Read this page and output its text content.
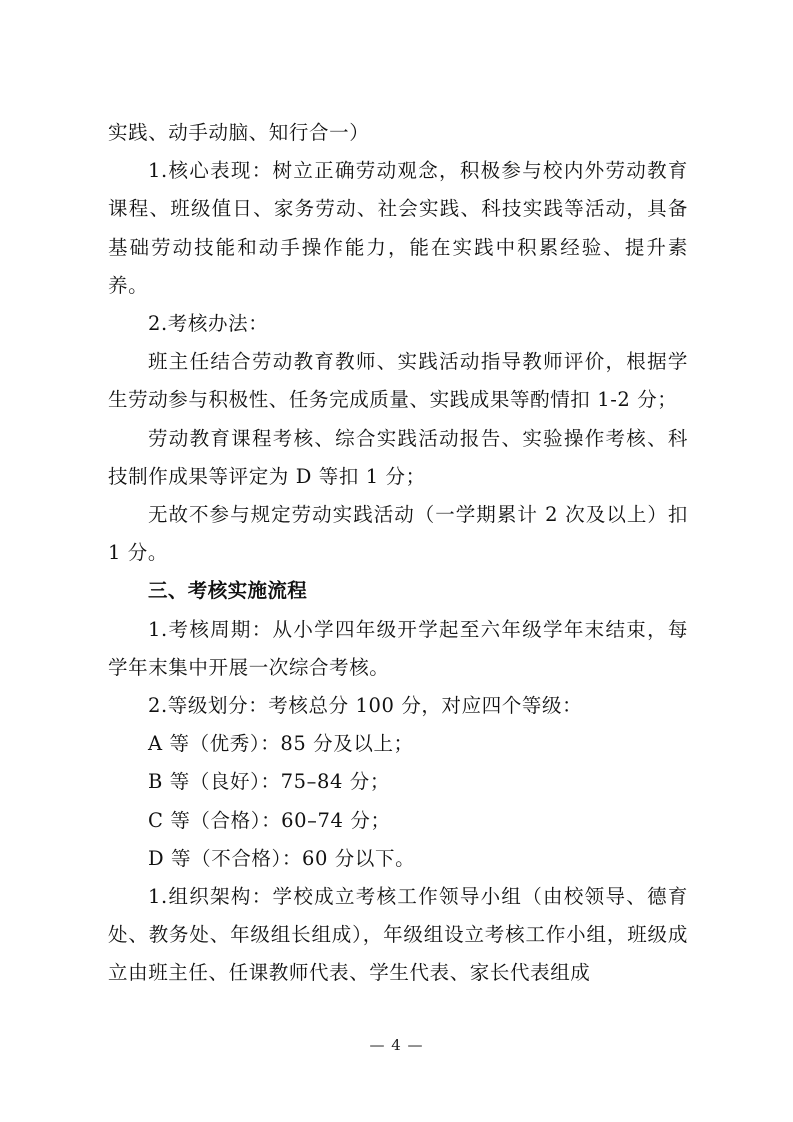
实践、动手动脑、知行合一）

1.核心表现：树立正确劳动观念，积极参与校内外劳动教育课程、班级值日、家务劳动、社会实践、科技实践等活动，具备基础劳动技能和动手操作能力，能在实践中积累经验、提升素养。

2.考核办法：

班主任结合劳动教育教师、实践活动指导教师评价，根据学生劳动参与积极性、任务完成质量、实践成果等酌情扣 1-2 分；

劳动教育课程考核、综合实践活动报告、实验操作考核、科技制作成果等评定为 D 等扣 1 分；

无故不参与规定劳动实践活动（一学期累计 2 次及以上）扣 1 分。

三、考核实施流程

1.考核周期：从小学四年级开学起至六年级学年末结束，每学年末集中开展一次综合考核。

2.等级划分：考核总分 100 分，对应四个等级：

A 等（优秀）：85 分及以上；

B 等（良好）：75–84 分；

C 等（合格）：60–74 分；

D 等（不合格）：60 分以下。

1.组织架构：学校成立考核工作领导小组（由校领导、德育处、教务处、年级组长组成），年级组设立考核工作小组，班级成立由班主任、任课教师代表、学生代表、家长代表组成

— 4 —
